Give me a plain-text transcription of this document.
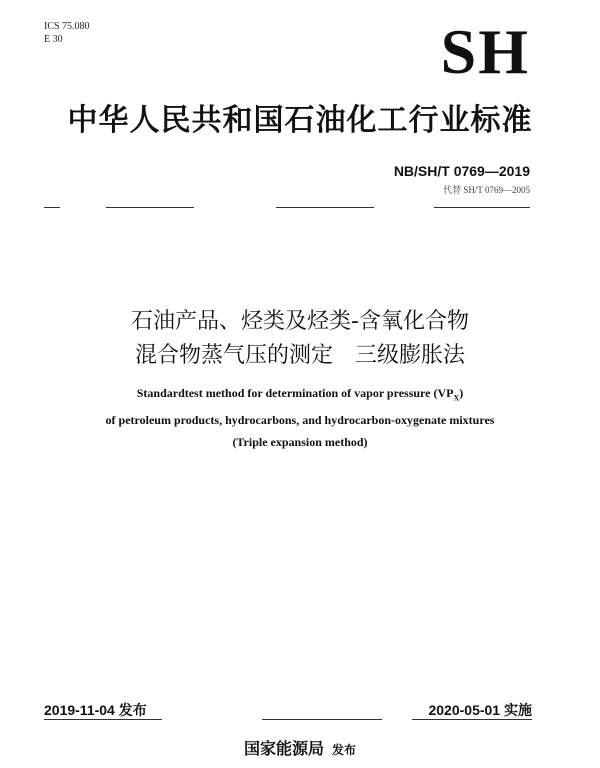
ICS 75.080
E 30	SH
中华人民共和国石油化工行业标准
NB/SH/T 0769—2019
代替 SH/T 0769—2005
石油产品、烃类及烃类-含氧化合物
混合物蒸气压的测定　三级膨胀法
Standardtest method for determination of vapor pressure $(VP_X)$
of petroleum products, hydrocarbons, and hydrocarbon-oxygenate mixtures
(Triple expansion method)
2019-11-04 发布	2020-05-01 实施
国家能源局 发布
